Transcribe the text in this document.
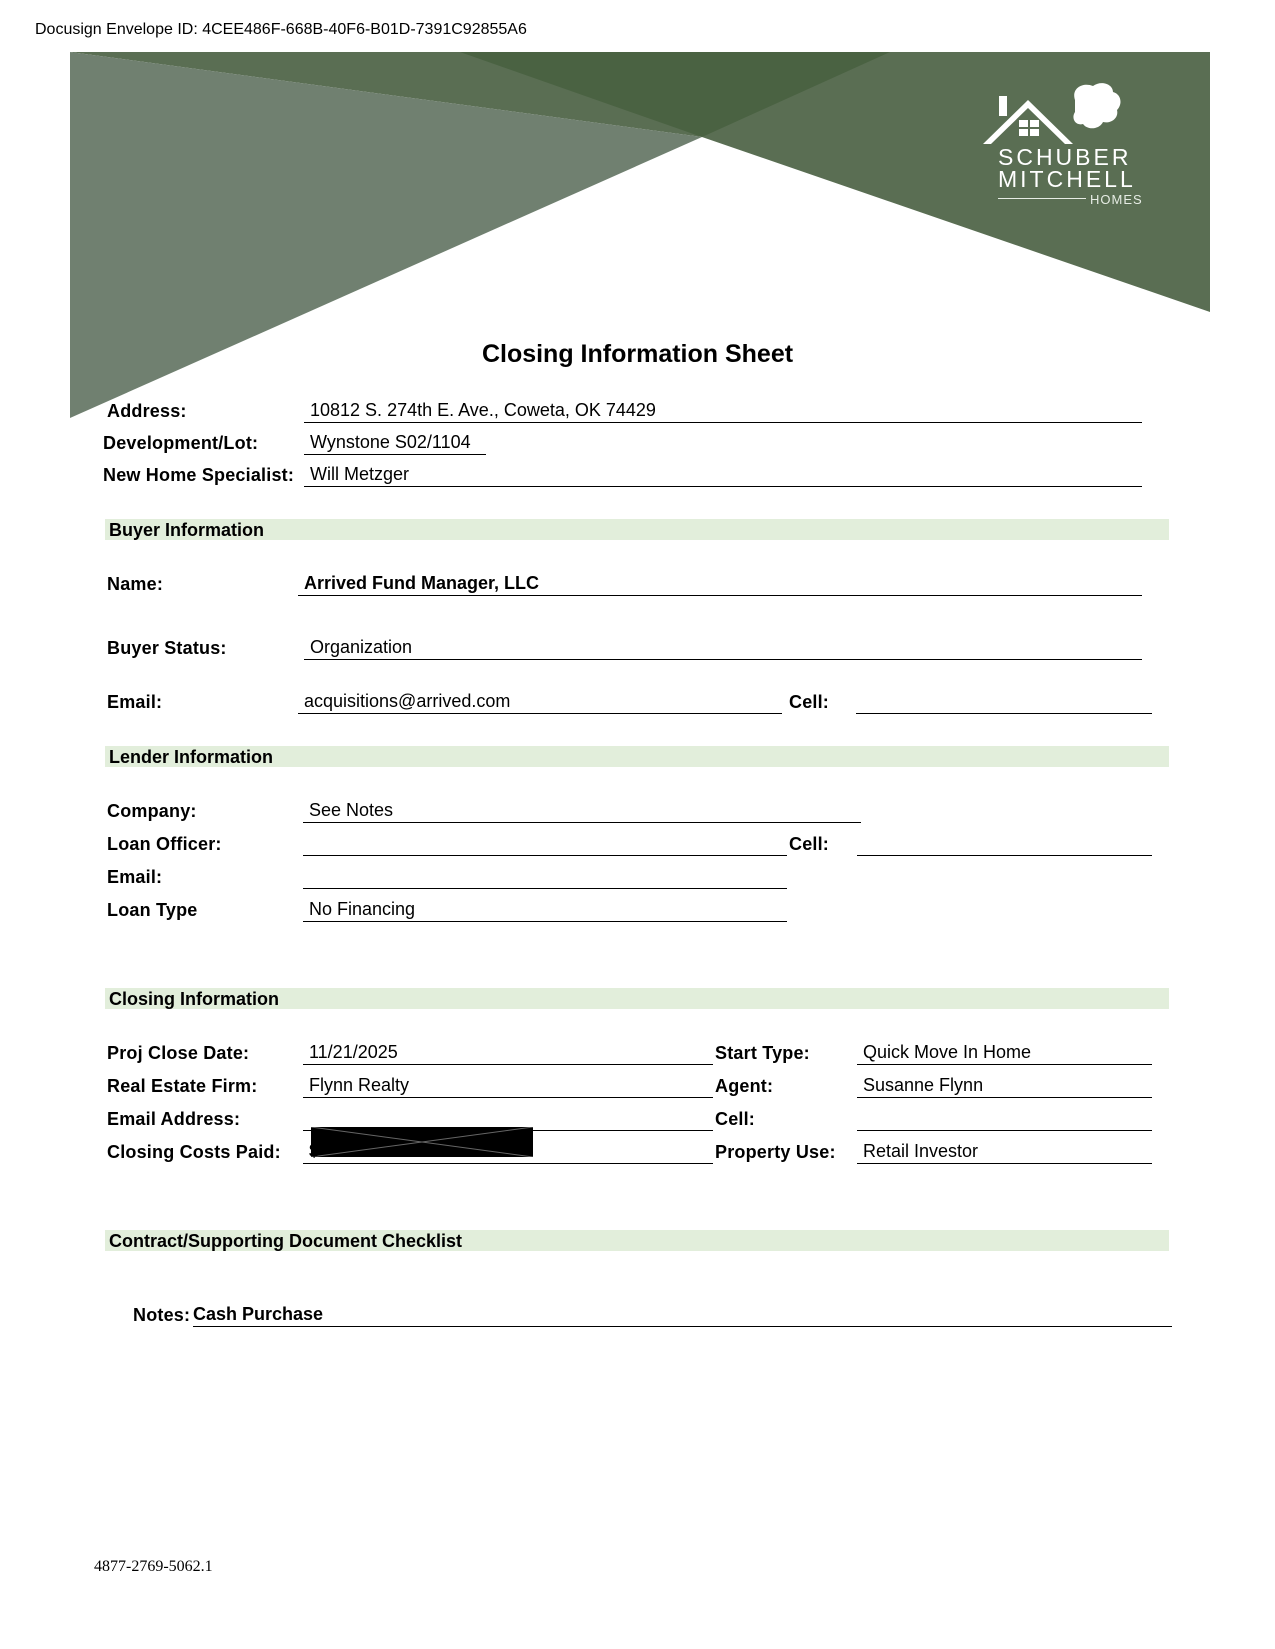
Docusign Envelope ID: 4CEE486F-668B-40F6-B01D-7391C92855A6
SCHUBER
MITCHELL
HOMES
Closing Information Sheet
Address:	10812 S. 274th E. Ave., Coweta, OK 74429
Development/Lot:	Wynstone S02/1104
New Home Specialist: Will Metzger
Buyer Information
Name:	Arrived Fund Manager, LLC
Buyer Status:	Organization
Email:	acquisitions@arrived.com	Cell:
Lender Information
Company:	See Notes
Loan Officer:	Cell:
Email:
Loan Type	No Financing
Closing Information
Proj Close Date:	11/21/2025	Start Type:	Quick Move In Home
Real Estate Firm:	Flynn Realty	Agent:	Susanne Flynn
Email Address:	Cell:
Closing Costs Paid:	$	Property Use:	Retail Investor
Contract/Supporting Document Checklist
Notes: Cash Purchase
4877-2769-5062.1
